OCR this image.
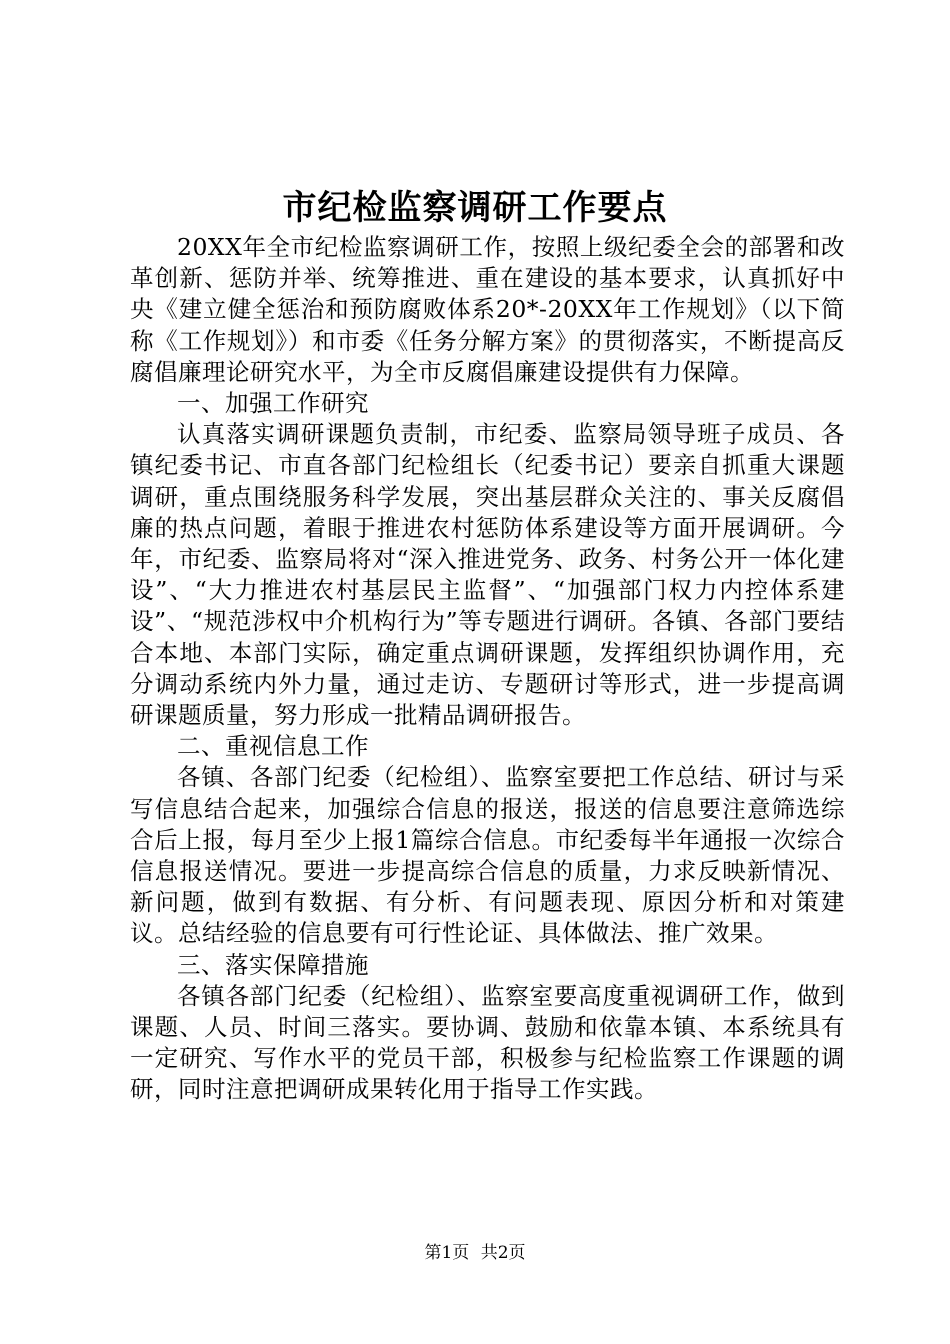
市纪检监察调研工作要点

20XX年全市纪检监察调研工作，按照上级纪委全会的部署和改革创新、惩防并举、统筹推进、重在建设的基本要求，认真抓好中央《建立健全惩治和预防腐败体系20*-20XX年工作规划》（以下简称《工作规划》）和市委《任务分解方案》的贯彻落实，不断提高反腐倡廉理论研究水平，为全市反腐倡廉建设提供有力保障。

一、加强工作研究

认真落实调研课题负责制，市纪委、监察局领导班子成员、各镇纪委书记、市直各部门纪检组长（纪委书记）要亲自抓重大课题调研，重点围绕服务科学发展，突出基层群众关注的、事关反腐倡廉的热点问题，着眼于推进农村惩防体系建设等方面开展调研。今年，市纪委、监察局将对“深入推进党务、政务、村务公开一体化建设”、“大力推进农村基层民主监督”、“加强部门权力内控体系建设”、“规范涉权中介机构行为”等专题进行调研。各镇、各部门要结合本地、本部门实际，确定重点调研课题，发挥组织协调作用，充分调动系统内外力量，通过走访、专题研讨等形式，进一步提高调研课题质量，努力形成一批精品调研报告。

二、重视信息工作

各镇、各部门纪委（纪检组）、监察室要把工作总结、研讨与采写信息结合起来，加强综合信息的报送，报送的信息要注意筛选综合后上报，每月至少上报1篇综合信息。市纪委每半年通报一次综合信息报送情况。要进一步提高综合信息的质量，力求反映新情况、新问题，做到有数据、有分析、有问题表现、原因分析和对策建议。总结经验的信息要有可行性论证、具体做法、推广效果。

三、落实保障措施

各镇各部门纪委（纪检组）、监察室要高度重视调研工作，做到课题、人员、时间三落实。要协调、鼓励和依靠本镇、本系统具有一定研究、写作水平的党员干部，积极参与纪检监察工作课题的调研，同时注意把调研成果转化用于指导工作实践。

第1页 共2页
